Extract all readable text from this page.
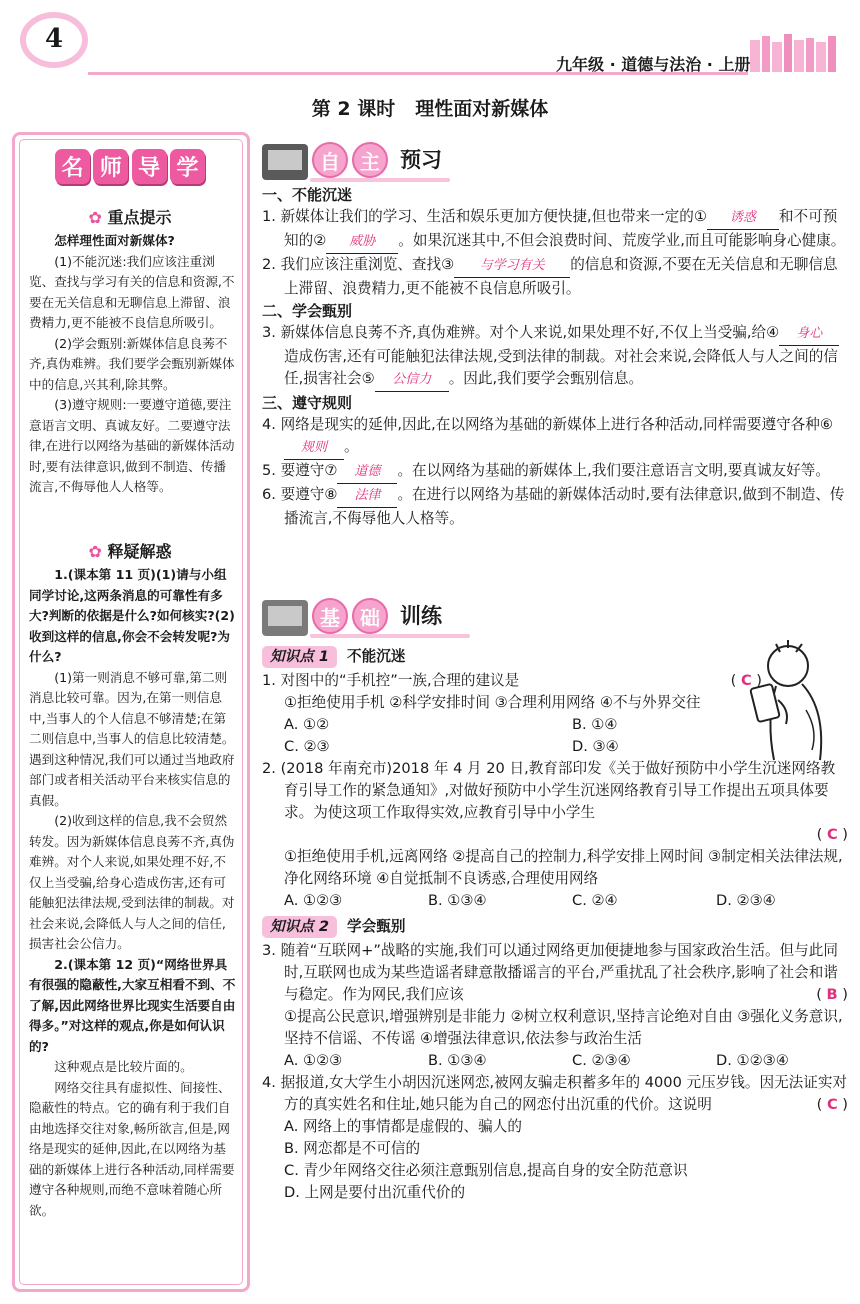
4
九年级 · 道德与法治 · 上册
第 2 课时 理性面对新媒体
名 师 导 学
✿ 重点提示

怎样理性面对新媒体?

(1)不能沉迷:我们应该注重浏览、查找与学习有关的信息和资源,不要在无关信息和无聊信息上滞留、浪费精力,更不能被不良信息所吸引。

(2)学会甄别:新媒体信息良莠不齐,真伪难辨。我们要学会甄别新媒体中的信息,兴其利,除其弊。

(3)遵守规则:一要遵守道德,要注意语言文明、真诚友好。二要遵守法律,在进行以网络为基础的新媒体活动时,要有法律意识,做到不制造、传播流言,不侮辱他人人格等。

✿ 释疑解惑

1.(课本第 11 页)(1)请与小组同学讨论,这两条消息的可靠性有多大?判断的依据是什么?如何核实?(2)收到这样的信息,你会不会转发呢?为什么?

(1)第一则消息不够可靠,第二则消息比较可靠。因为,在第一则信息中,当事人的个人信息不够清楚;在第二则信息中,当事人的信息比较清楚。遇到这种情况,我们可以通过当地政府部门或者相关活动平台来核实信息的真假。

(2)收到这样的信息,我不会贸然转发。因为新媒体信息良莠不齐,真伪难辨。对个人来说,如果处理不好,不仅上当受骗,给身心造成伤害,还有可能触犯法律法规,受到法律的制裁。对社会来说,会降低人与人之间的信任,损害社会公信力。

2.(课本第 12 页)“网络世界具有很强的隐蔽性,大家互相看不到、不了解,因此网络世界比现实生活要自由得多。”对这样的观点,你是如何认识的?

这种观点是比较片面的。

网络交往具有虚拟性、间接性、隐蔽性的特点。它的确有利于我们自由地选择交往对象,畅所欲言,但是,网络是现实的延伸,因此,在以网络为基础的新媒体上进行各种活动,同样需要遵守各种规则,而绝不意味着随心所欲。

自	主 预习

一、不能沉迷

1. 新媒体让我们的学习、生活和娱乐更加方便快捷,但也带来一定的① 诱惑 和不可预知的② 威胁 。如果沉迷其中,不但会浪费时间、荒废学业,而且可能影响身心健康。

2. 我们应该注重浏览、查找③ 与学习有关 的信息和资源,不要在无关信息和无聊信息上滞留、浪费精力,更不能被不良信息所吸引。

二、学会甄别

3. 新媒体信息良莠不齐,真伪难辨。对个人来说,如果处理不好,不仅上当受骗,给④ 身心造成伤害,还有可能触犯法律法规,受到法律的制裁。对社会来说,会降低人与人之间的信任,损害社会⑤ 公信力 。因此,我们要学会甄别信息。

三、遵守规则

4. 网络是现实的延伸,因此,在以网络为基础的新媒体上进行各种活动,同样需要遵守各种⑥规则 。

5. 要遵守⑦ 道德 。在以网络为基础的新媒体上,我们要注意语言文明,要真诚友好等。

6. 要遵守⑧ 法律 。在进行以网络为基础的新媒体活动时,要有法律意识,做到不制造、传播流言,不侮辱他人人格等。

基	础 训练

知识点 1 不能沉迷

1. 对图中的“手机控”一族,合理的建议是	( C )

①拒绝使用手机 ②科学安排时间 ③合理利用网络 ④不与外界交往

A. ①②	B. ①④
C. ②③	D. ③④

2. (2018 年南充市)2018 年 4 月 20 日,教育部印发《关于做好预防中小学生沉迷网络教育引导工作的紧急通知》,对做好预防中小学生沉迷网络教育引导工作提出五项具体要求。为使这项工作取得实效,应教育引导中小学生

( C )

①拒绝使用手机,远离网络 ②提高自己的控制力,科学安排上网时间 ③制定相关法律法规,净化网络环境 ④自觉抵制不良诱惑,合理使用网络

A. ①②③	B. ①③④	C. ②④	D. ②③④

知识点 2 学会甄别

3. 随着“互联网+”战略的实施,我们可以通过网络更加便捷地参与国家政治生活。但与此同时,互联网也成为某些造谣者肆意散播谣言的平台,严重扰乱了社会秩序,影响了社会和谐与稳定。作为网民,我们应该	( B )

①提高公民意识,增强辨别是非能力 ②树立权利意识,坚持言论绝对自由 ③强化义务意识,坚持不信谣、不传谣 ④增强法律意识,依法参与政治生活

A. ①②③	B. ①③④	C. ②③④	D. ①②③④

4. 据报道,女大学生小胡因沉迷网恋,被网友骗走积蓄多年的 4000 元压岁钱。因无法证实对方的真实姓名和住址,她只能为自己的网恋付出沉重的代价。这说明	( C )

A. 网络上的事情都是虚假的、骗人的

B. 网恋都是不可信的

C. 青少年网络交往必须注意甄别信息,提高自身的安全防范意识

D. 上网是要付出沉重代价的
